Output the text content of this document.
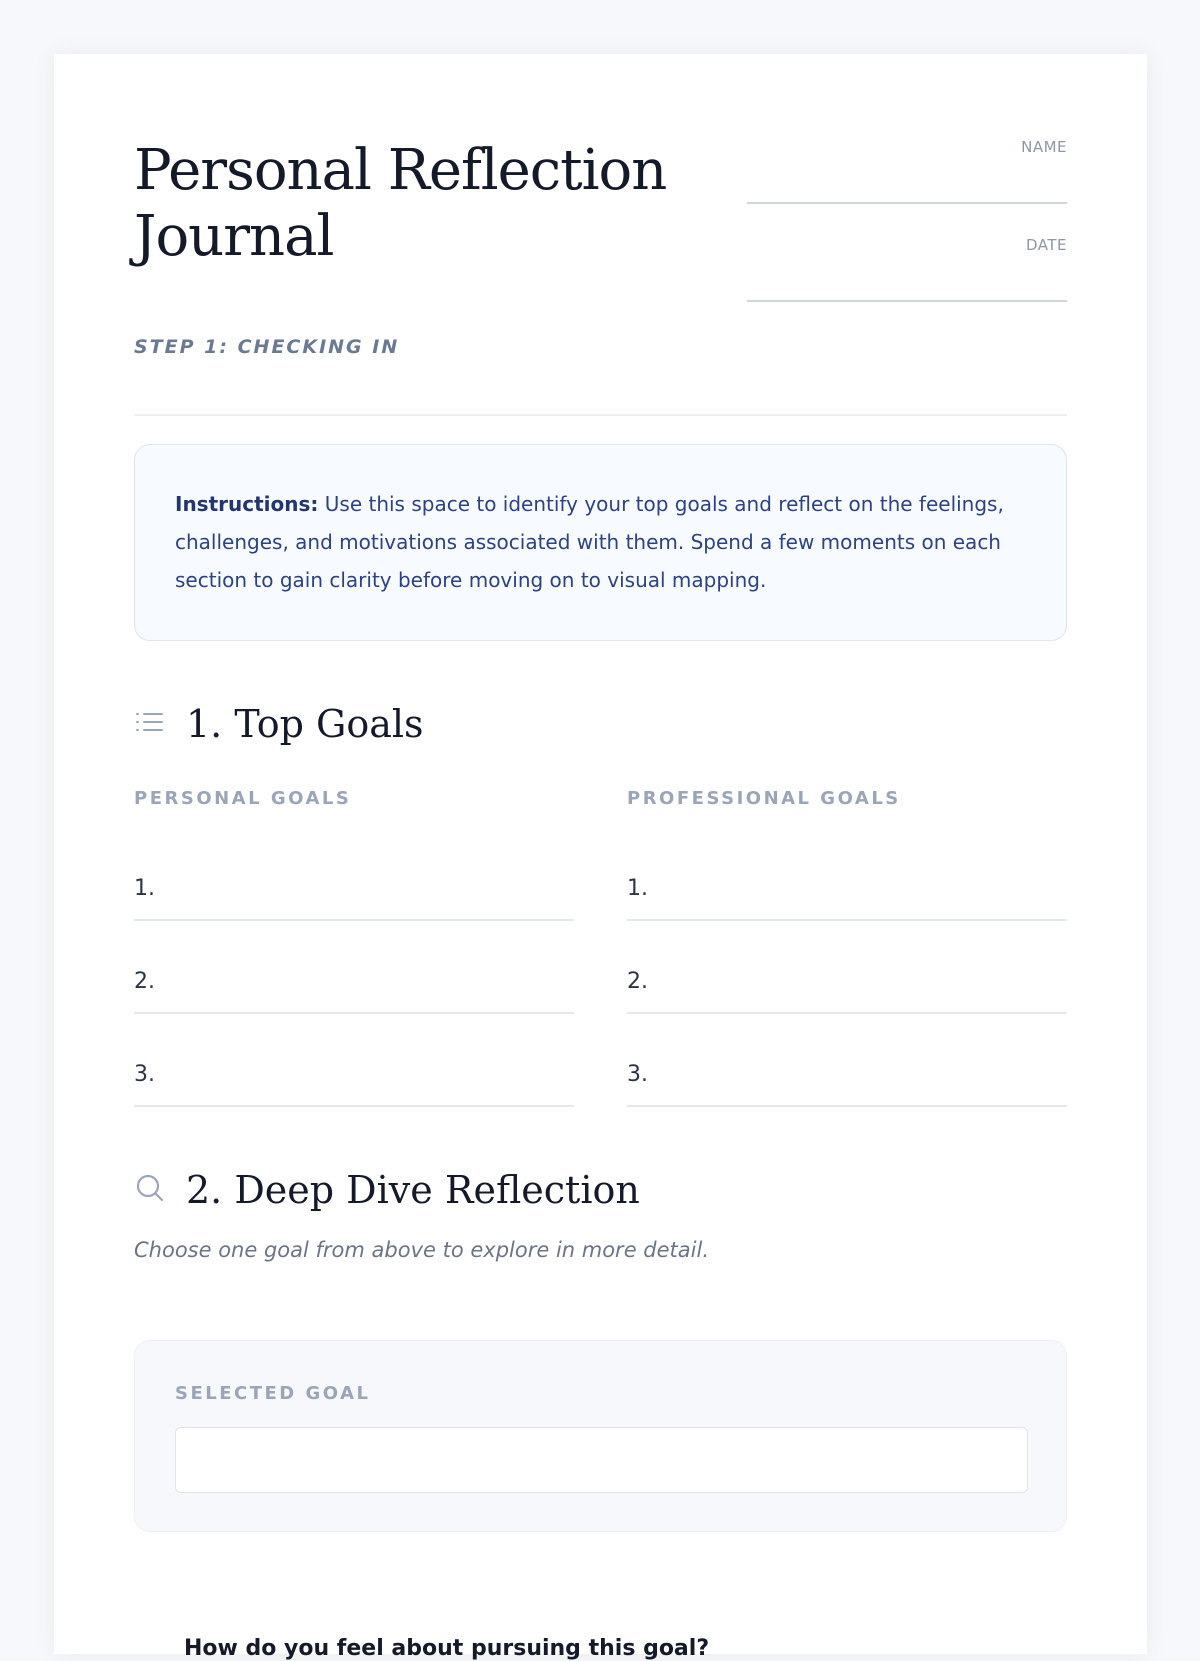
Personal Reflection
Journal
STEP 1: CHECKING IN
NAME
DATE
Instructions: Use this space to identify your top goals and reflect on the feelings, challenges, and motivations associated with them. Spend a few moments on each section to gain clarity before moving on to visual mapping.
1. Top Goals
PERSONAL GOALS
1.
2.
3.
PROFESSIONAL GOALS
1.
2.
3.
2. Deep Dive Reflection
Choose one goal from above to explore in more detail.
SELECTED GOAL
How do you feel about pursuing this goal?
